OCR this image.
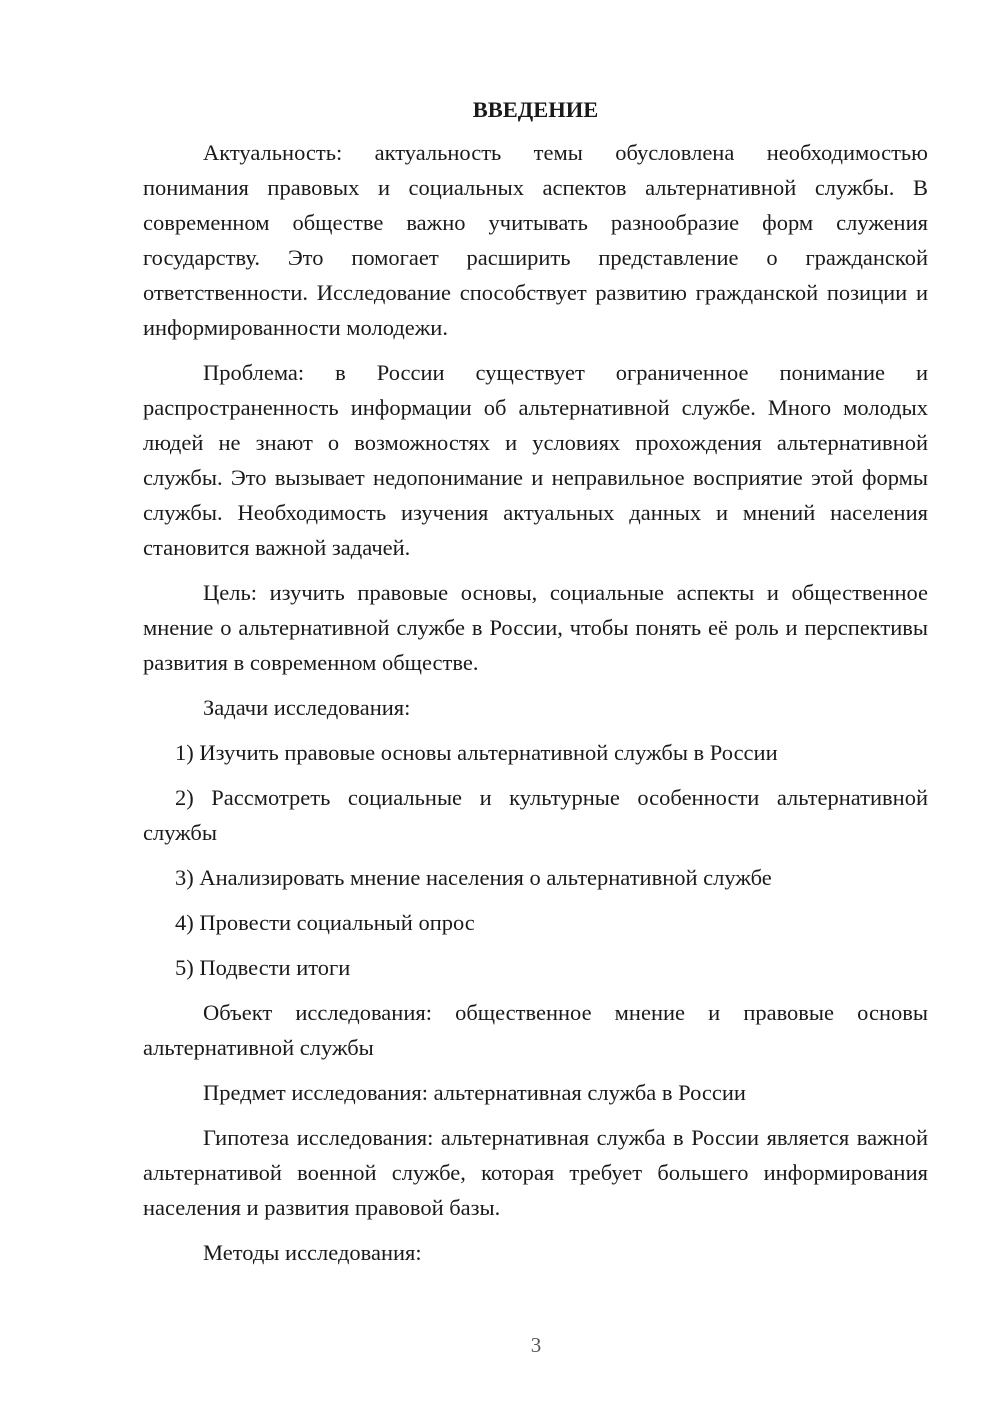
ВВЕДЕНИЕ

Актуальность: актуальность темы обусловлена необходимостью понимания правовых и социальных аспектов альтернативной службы. В современном обществе важно учитывать разнообразие форм служения государству. Это помогает расширить представление о гражданской ответственности. Исследование способствует развитию гражданской позиции и информированности молодежи.

Проблема: в России существует ограниченное понимание и распространенность информации об альтернативной службе. Много молодых людей не знают о возможностях и условиях прохождения альтернативной службы. Это вызывает недопонимание и неправильное восприятие этой формы службы. Необходимость изучения актуальных данных и мнений населения становится важной задачей.

Цель: изучить правовые основы, социальные аспекты и общественное мнение о альтернативной службе в России, чтобы понять её роль и перспективы развития в современном обществе.

Задачи исследования:

1) Изучить правовые основы альтернативной службы в России

2) Рассмотреть социальные и культурные особенности альтернативной службы

3) Анализировать мнение населения о альтернативной службе

4) Провести социальный опрос

5) Подвести итоги

Объект исследования: общественное мнение и правовые основы альтернативной службы

Предмет исследования: альтернативная служба в России

Гипотеза исследования: альтернативная служба в России является важной альтернативой военной службе, которая требует большего информирования населения и развития правовой базы.

Методы исследования:
3
